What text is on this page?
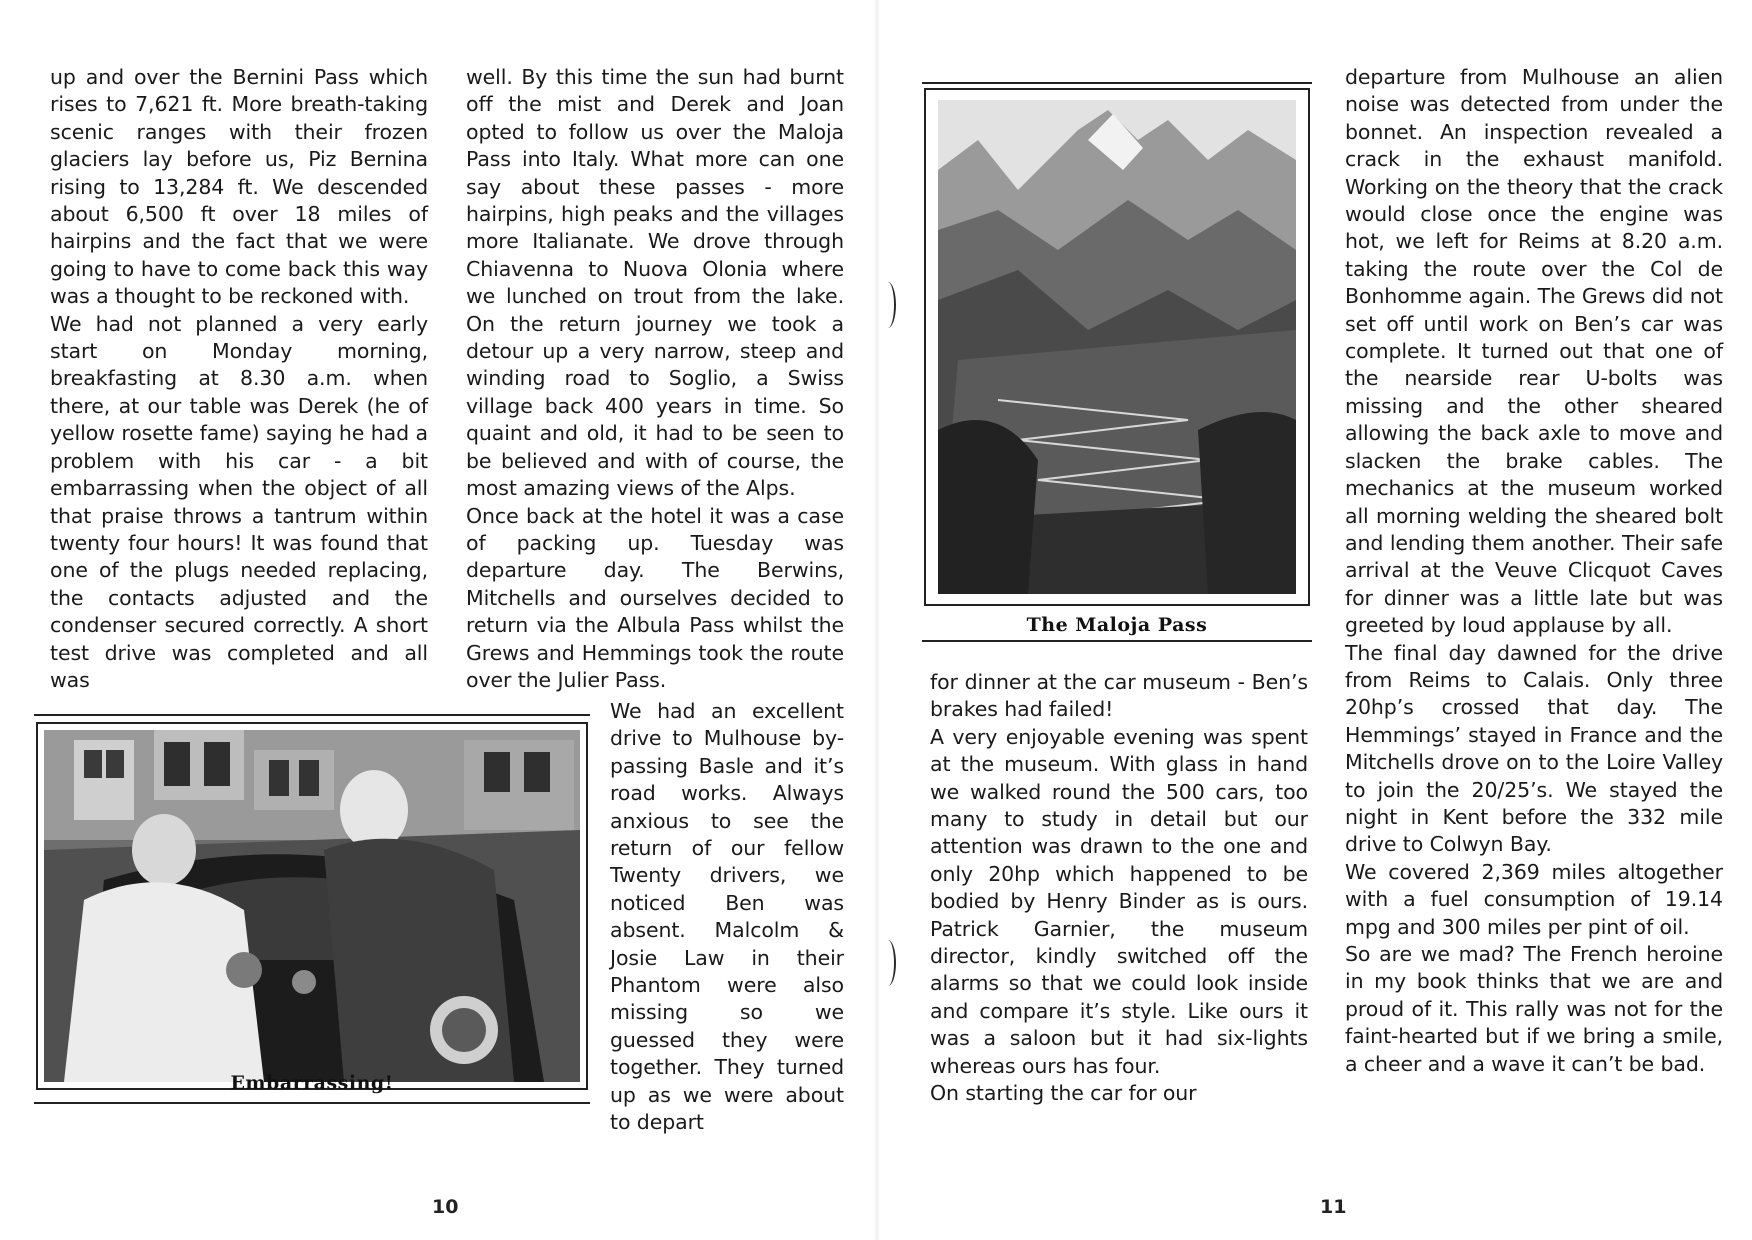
up and over the Bernini Pass which rises to 7,621 ft. More breath-taking scenic ranges with their frozen glaciers lay before us, Piz Bernina rising to 13,284 ft. We descended about 6,500 ft over 18 miles of hairpins and the fact that we were going to have to come back this way was a thought to be reckoned with.

We had not planned a very early start on Monday morning, breakfasting at 8.30 a.m. when there, at our table was Derek (he of yellow rosette fame) saying he had a problem with his car - a bit embarrassing when the object of all that praise throws a tantrum within twenty four hours! It was found that one of the plugs needed replacing, the contacts adjusted and the condenser secured correctly. A short test drive was completed and all was

well. By this time the sun had burnt off the mist and Derek and Joan opted to follow us over the Maloja Pass into Italy. What more can one say about these passes - more hairpins, high peaks and the villages more Italianate. We drove through Chiavenna to Nuova Olonia where we lunched on trout from the lake. On the return journey we took a detour up a very narrow, steep and winding road to Soglio, a Swiss village back 400 years in time. So quaint and old, it had to be seen to be believed and with of course, the most amazing views of the Alps.

Once back at the hotel it was a case of packing up. Tuesday was departure day. The Berwins, Mitchells and ourselves decided to return via the Albula Pass whilst the Grews and Hemmings took the route over the Julier Pass.

We had an excellent drive to Mulhouse by-passing Basle and it’s road works. Always anxious to see the return of our fellow Twenty drivers, we noticed Ben was absent. Malcolm & Josie Law in their Phantom were also missing so we guessed they were together. They turned up as we were about to depart

Embarrassing!
10
The Maloja Pass

for dinner at the car museum - Ben’s brakes had failed!

A very enjoyable evening was spent at the museum. With glass in hand we walked round the 500 cars, too many to study in detail but our attention was drawn to the one and only 20hp which happened to be bodied by Henry Binder as is ours. Patrick Garnier, the museum director, kindly switched off the alarms so that we could look inside and compare it’s style. Like ours it was a saloon but it had six-lights whereas ours has four.

On starting the car for our

departure from Mulhouse an alien noise was detected from under the bonnet. An inspection revealed a crack in the exhaust manifold. Working on the theory that the crack would close once the engine was hot, we left for Reims at 8.20 a.m. taking the route over the Col de Bonhomme again. The Grews did not set off until work on Ben’s car was complete. It turned out that one of the nearside rear U-bolts was missing and the other sheared allowing the back axle to move and slacken the brake cables. The mechanics at the museum worked all morning welding the sheared bolt and lending them another. Their safe arrival at the Veuve Clicquot Caves for dinner was a little late but was greeted by loud applause by all.

The final day dawned for the drive from Reims to Calais. Only three 20hp’s crossed that day. The Hemmings’ stayed in France and the Mitchells drove on to the Loire Valley to join the 20/25’s. We stayed the night in Kent before the 332 mile drive to Colwyn Bay.

We covered 2,369 miles altogether with a fuel consumption of 19.14 mpg and 300 miles per pint of oil.

So are we mad? The French heroine in my book thinks that we are and proud of it. This rally was not for the faint-hearted but if we bring a smile, a cheer and a wave it can’t be bad.

11
